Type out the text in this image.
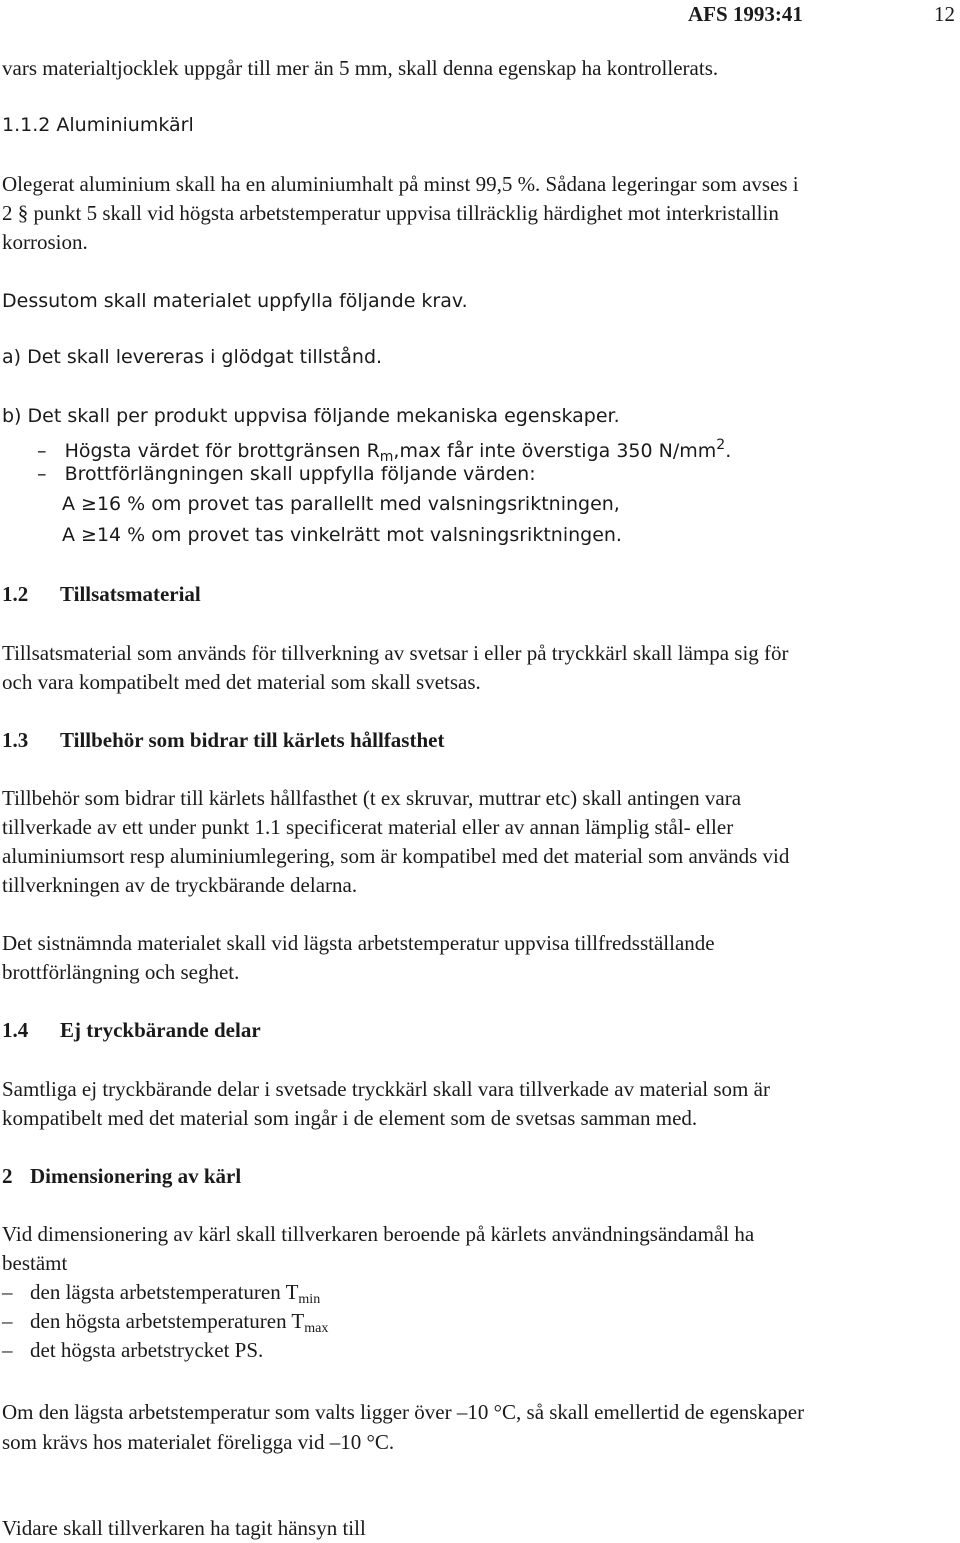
AFS 1993:41	12
vars materialtjocklek uppgår till mer än 5 mm, skall denna egenskap ha kontrollerats.
1.1.2 Aluminiumkärl
Olegerat aluminium skall ha en aluminiumhalt på minst 99,5 %. Sådana legeringar som avses i
2 § punkt 5 skall vid högsta arbetstemperatur uppvisa tillräcklig härdighet mot interkristallin
korrosion.
Dessutom skall materialet uppfylla följande krav.
a) Det skall levereras i glödgat tillstånd.
b) Det skall per produkt uppvisa följande mekaniska egenskaper.
– Högsta värdet för brottgränsen $R_m,\max$ får inte överstiga 350 $N/mm^2$.
– Brottförlängningen skall uppfylla följande värden:
A ≥16 % om provet tas parallellt med valsningsriktningen,
A ≥14 % om provet tas vinkelrätt mot valsningsriktningen.
1.2 Tillsatsmaterial
Tillsatsmaterial som används för tillverkning av svetsar i eller på tryckkärl skall lämpa sig för
och vara kompatibelt med det material som skall svetsas.
1.3 Tillbehör som bidrar till kärlets hållfasthet
Tillbehör som bidrar till kärlets hållfasthet (t ex skruvar, muttrar etc) skall antingen vara
tillverkade av ett under punkt 1.1 specificerat material eller av annan lämplig stål- eller
aluminiumsort resp aluminiumlegering, som är kompatibel med det material som används vid
tillverkningen av de tryckbärande delarna.
Det sistnämnda materialet skall vid lägsta arbetstemperatur uppvisa tillfredsställande
brottförlängning och seghet.
1.4 Ej tryckbärande delar
Samtliga ej tryckbärande delar i svetsade tryckkärl skall vara tillverkade av material som är
kompatibelt med det material som ingår i de element som de svetsas samman med.
2 Dimensionering av kärl
Vid dimensionering av kärl skall tillverkaren beroende på kärlets användningsändamål ha
bestämt
– den lägsta arbetstemperaturen $T_{min}$
– den högsta arbetstemperaturen $T_{max}$
– det högsta arbetstrycket PS.
Om den lägsta arbetstemperatur som valts ligger över –10 °C, så skall emellertid de egenskaper
som krävs hos materialet föreligga vid –10 °C.
Vidare skall tillverkaren ha tagit hänsyn till
